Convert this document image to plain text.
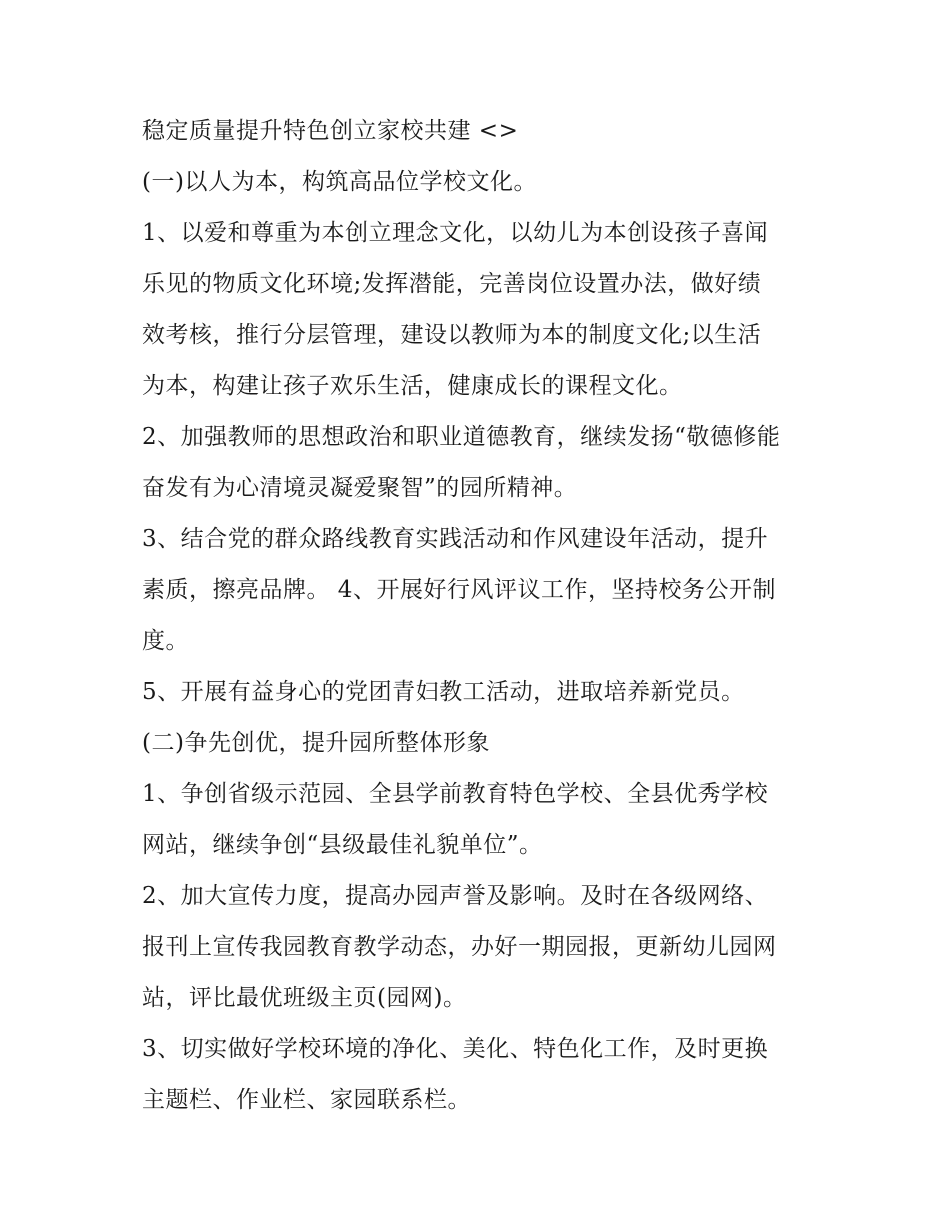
稳定质量提升特色创立家校共建 <>
(一)以人为本，构筑高品位学校文化。
1、以爱和尊重为本创立理念文化，以幼儿为本创设孩子喜闻
乐见的物质文化环境;发挥潜能，完善岗位设置办法，做好绩
效考核，推行分层管理，建设以教师为本的制度文化;以生活
为本，构建让孩子欢乐生活，健康成长的课程文化。
2、加强教师的思想政治和职业道德教育，继续发扬“敬德修能
奋发有为心清境灵凝爱聚智”的园所精神。
3、结合党的群众路线教育实践活动和作风建设年活动，提升
素质，擦亮品牌。 4、开展好行风评议工作，坚持校务公开制
度。
5、开展有益身心的党团青妇教工活动，进取培养新党员。
(二)争先创优，提升园所整体形象
1、争创省级示范园、全县学前教育特色学校、全县优秀学校
网站，继续争创“县级最佳礼貌单位”。
2、加大宣传力度，提高办园声誉及影响。及时在各级网络、
报刊上宣传我园教育教学动态，办好一期园报，更新幼儿园网
站，评比最优班级主页(园网)。
3、切实做好学校环境的净化、美化、特色化工作，及时更换
主题栏、作业栏、家园联系栏。
